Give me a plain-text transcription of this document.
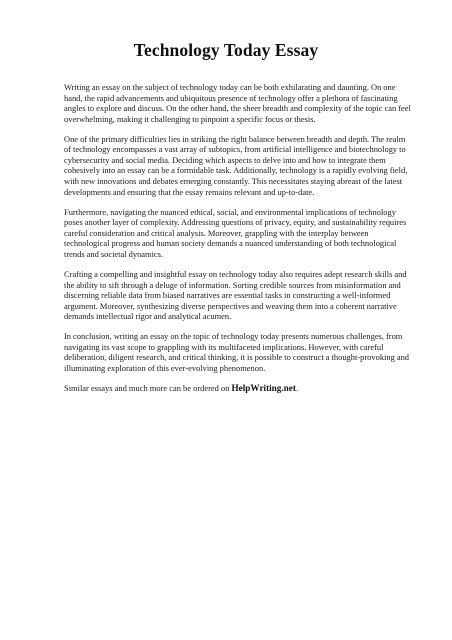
Technology Today Essay

Writing an essay on the subject of technology today can be both exhilarating and daunting. On one hand, the rapid advancements and ubiquitous presence of technology offer a plethora of fascinating angles to explore and discuss. On the other hand, the sheer breadth and complexity of the topic can feel overwhelming, making it challenging to pinpoint a specific focus or thesis.

One of the primary difficulties lies in striking the right balance between breadth and depth. The realm of technology encompasses a vast array of subtopics, from artificial intelligence and biotechnology to cybersecurity and social media. Deciding which aspects to delve into and how to integrate them cohesively into an essay can be a formidable task. Additionally, technology is a rapidly evolving field, with new innovations and debates emerging constantly. This necessitates staying abreast of the latest developments and ensuring that the essay remains relevant and up-to-date.

Furthermore, navigating the nuanced ethical, social, and environmental implications of technology poses another layer of complexity. Addressing questions of privacy, equity, and sustainability requires careful consideration and critical analysis. Moreover, grappling with the interplay between technological progress and human society demands a nuanced understanding of both technological trends and societal dynamics.

Crafting a compelling and insightful essay on technology today also requires adept research skills and the ability to sift through a deluge of information. Sorting credible sources from misinformation and discerning reliable data from biased narratives are essential tasks in constructing a well-informed argument. Moreover, synthesizing diverse perspectives and weaving them into a coherent narrative demands intellectual rigor and analytical acumen.

In conclusion, writing an essay on the topic of technology today presents numerous challenges, from navigating its vast scope to grappling with its multifaceted implications. However, with careful deliberation, diligent research, and critical thinking, it is possible to construct a thought-provoking and illuminating exploration of this ever-evolving phenomenon.

Similar essays and much more can be ordered on HelpWriting.net.
